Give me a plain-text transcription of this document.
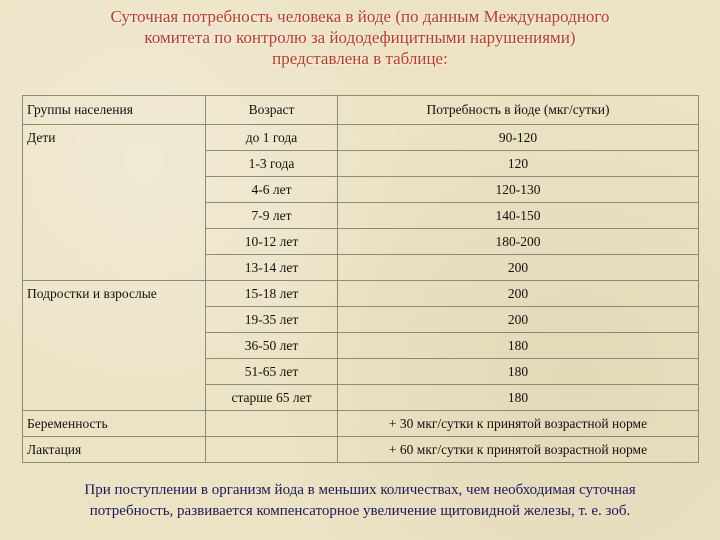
Суточная потребность человека в йоде (по данным Международного
комитета по контролю за йододефицитными нарушениями)
представлена в таблице:
Группы населения	Возраст	Потребность в йоде (мкг/сутки)
Дети	до 1 года	90-120
	1-3 года	120
	4-6 лет	120-130
	7-9 лет	140-150
	10-12 лет	180-200
	13-14 лет	200
Подростки и взрослые	15-18 лет	200
	19-35 лет	200
	36-50 лет	180
	51-65 лет	180
	старше 65 лет	180
Беременность		+ 30 мкг/сутки к принятой возрастной норме
Лактация		+ 60 мкг/сутки к принятой возрастной норме
При поступлении в организм йода в меньших количествах, чем необходимая суточная
потребность, развивается компенсаторное увеличение щитовидной железы, т. е. зоб.
